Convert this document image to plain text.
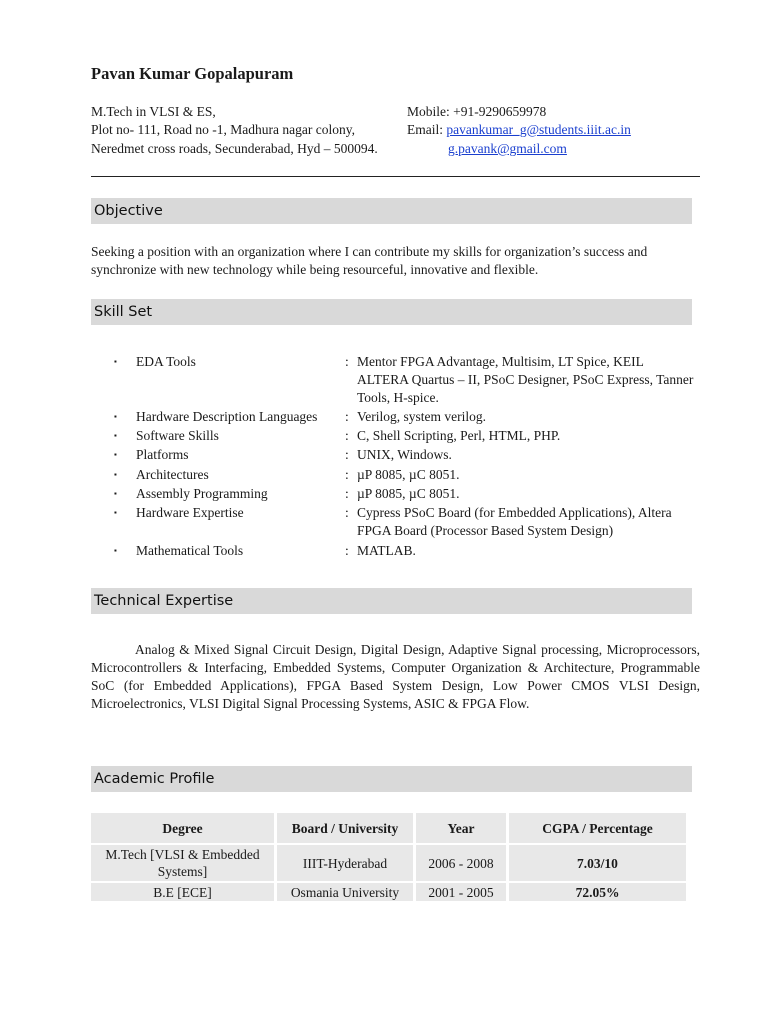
Pavan Kumar Gopalapuram
M.Tech in VLSI & ES,
Plot no- 111, Road no -1, Madhura nagar colony,
Neredmet cross roads, Secunderabad, Hyd – 500094.
Mobile: +91-9290659978
Email: pavankumar_g@students.iiit.ac.in
g.pavank@gmail.com
Objective
Seeking a position with an organization where I can contribute my skills for organization’s success and synchronize with new technology while being resourceful, innovative and flexible.
Skill Set
▪ EDA Tools	: Mentor FPGA Advantage, Multisim, LT Spice, KEIL ALTERA Quartus – II, PSoC Designer, PSoC Express, Tanner Tools, H-spice.
▪ Hardware Description Languages : Verilog, system verilog.
▪ Software Skills	: C, Shell Scripting, Perl, HTML, PHP.
▪ Platforms	: UNIX, Windows.
▪ Architectures	: µP 8085, µC 8051.
▪ Assembly Programming	: µP 8085, µC 8051.
▪ Hardware Expertise	: Cypress PSoC Board (for Embedded Applications), Altera FPGA Board (Processor Based System Design)
▪ Mathematical Tools	: MATLAB.
Technical Expertise
Analog & Mixed Signal Circuit Design, Digital Design, Adaptive Signal processing, Microprocessors, Microcontrollers & Interfacing, Embedded Systems, Computer Organization & Architecture, Programmable SoC (for Embedded Applications), FPGA Based System Design, Low Power CMOS VLSI Design, Microelectronics, VLSI Digital Signal Processing Systems, ASIC & FPGA Flow.
Academic Profile
Degree	Board / University	Year	CGPA / Percentage
M.Tech [VLSI & Embedded Systems]	IIIT-Hyderabad	2006 - 2008	7.03/10
B.E [ECE]	Osmania University	2001 - 2005	72.05%
